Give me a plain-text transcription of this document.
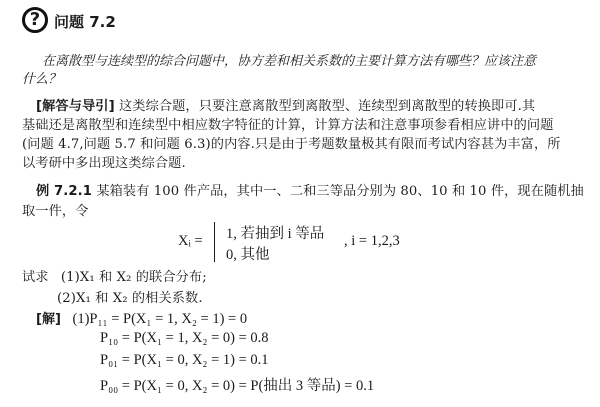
? 问题 7.2
在离散型与连续型的综合问题中，协方差和相关系数的主要计算方法有哪些？应该注意
什么？
[解答与导引] 这类综合题，只要注意离散型到离散型、连续型到离散型的转换即可.其
基础还是离散型和连续型中相应数字特征的计算，计算方法和注意事项参看相应讲中的问题
(问题 4.7,问题 5.7 和问题 6.3)的内容.只是由于考题数量极其有限而考试内容甚为丰富，所
以考研中多出现这类综合题.
例 7.2.1 某箱装有 100 件产品，其中一、二和三等品分别为 80、10 和 10 件，现在随机抽
取一件，令
Xᵢ = 1, 若抽到 i 等品
0, 其他
, i = 1,2,3
试求 (1)X₁ 和 X₂ 的联合分布;
(2)X₁ 和 X₂ 的相关系数.
[解] (1)P₁₁ = P(X₁ = 1, X₂ = 1) = 0
P₁₀ = P(X₁ = 1, X₂ = 0) = 0.8
P₀₁ = P(X₁ = 0, X₂ = 1) = 0.1
P₀₀ = P(X₁ = 0, X₂ = 0) = P(抽出 3 等品) = 0.1
